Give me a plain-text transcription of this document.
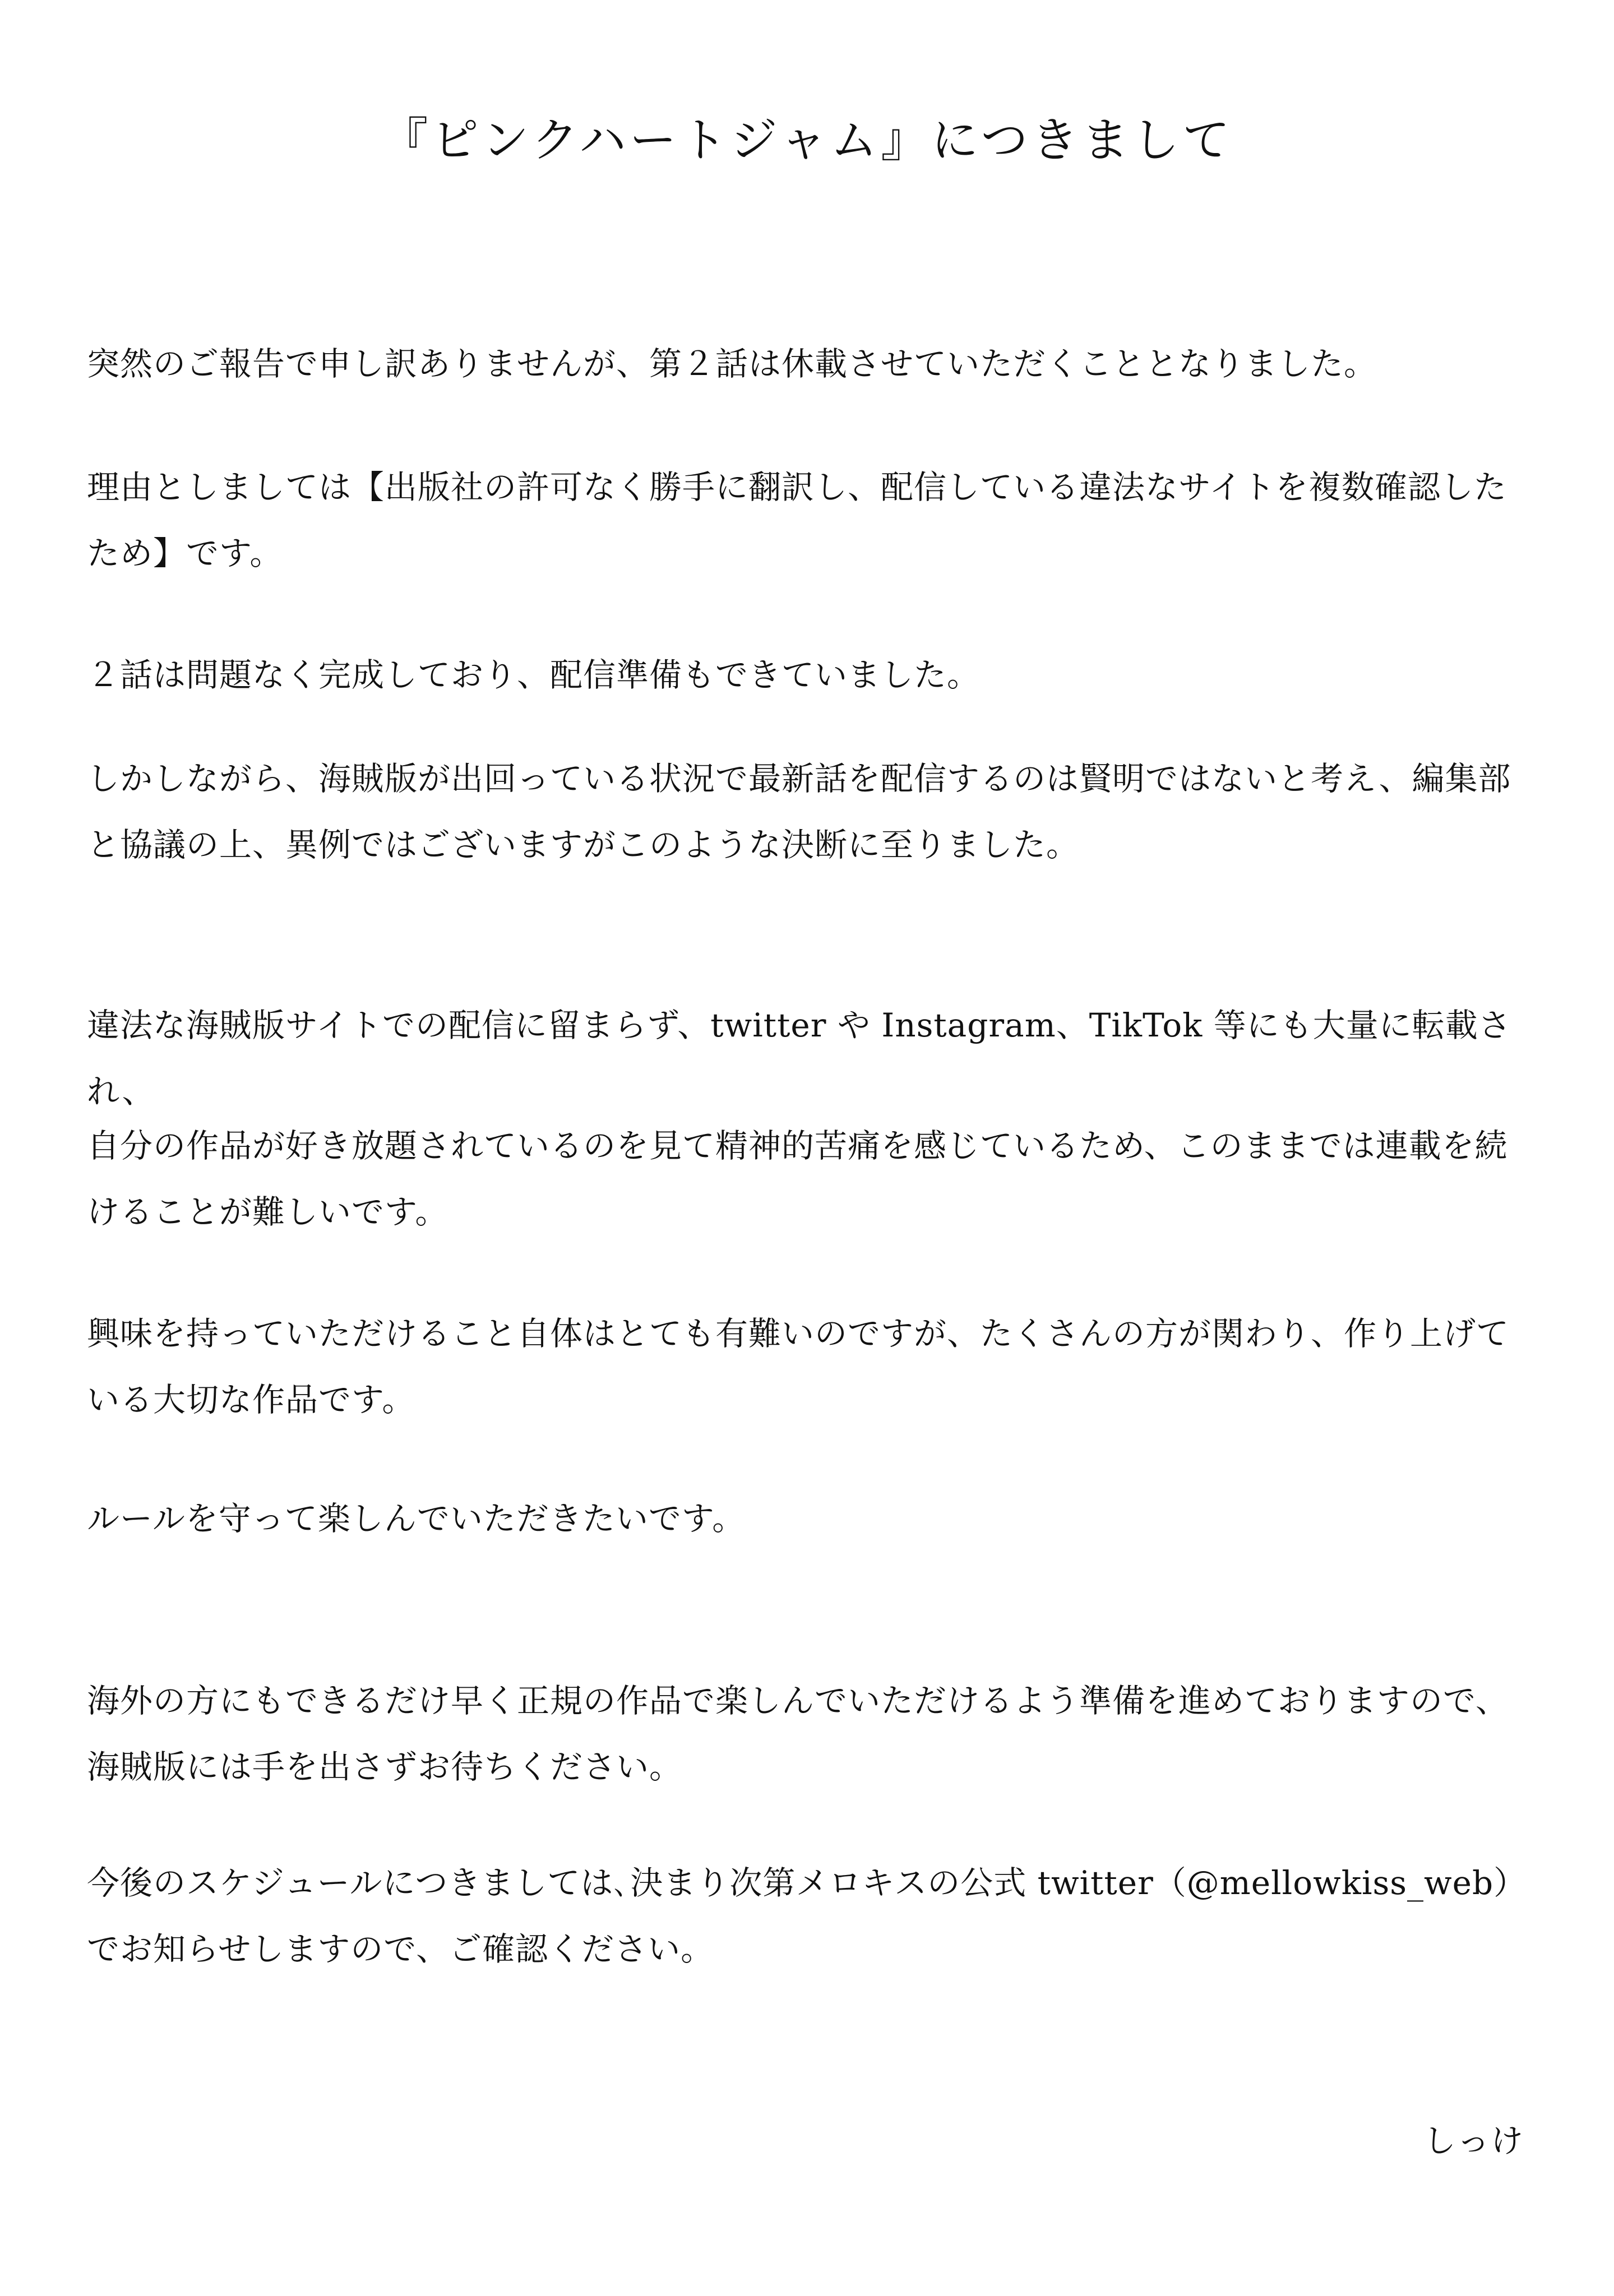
『ピンクハートジャム』につきまして

突然のご報告で申し訳ありませんが、第２話は休載させていただくこととなりました。

理由としましては【出版社の許可なく勝手に翻訳し、配信している違法なサイトを複数確認したため】です。

２話は問題なく完成しており、配信準備もできていました。

しかしながら、海賊版が出回っている状況で最新話を配信するのは賢明ではないと考え、編集部と協議の上、異例ではございますがこのような決断に至りました。

違法な海賊版サイトでの配信に留まらず、twitter や Instagram、TikTok 等にも大量に転載され、

自分の作品が好き放題されているのを見て精神的苦痛を感じているため、このままでは連載を続けることが難しいです。

興味を持っていただけること自体はとても有難いのですが、たくさんの方が関わり、作り上げている大切な作品です。

ルールを守って楽しんでいただきたいです。

海外の方にもできるだけ早く正規の作品で楽しんでいただけるよう準備を進めておりますので、海賊版には手を出さずお待ちください。

今後のスケジュールにつきましては､決まり次第メロキスの公式 twitter（@mellowkiss_web）でお知らせしますので、ご確認ください。

しっけ
